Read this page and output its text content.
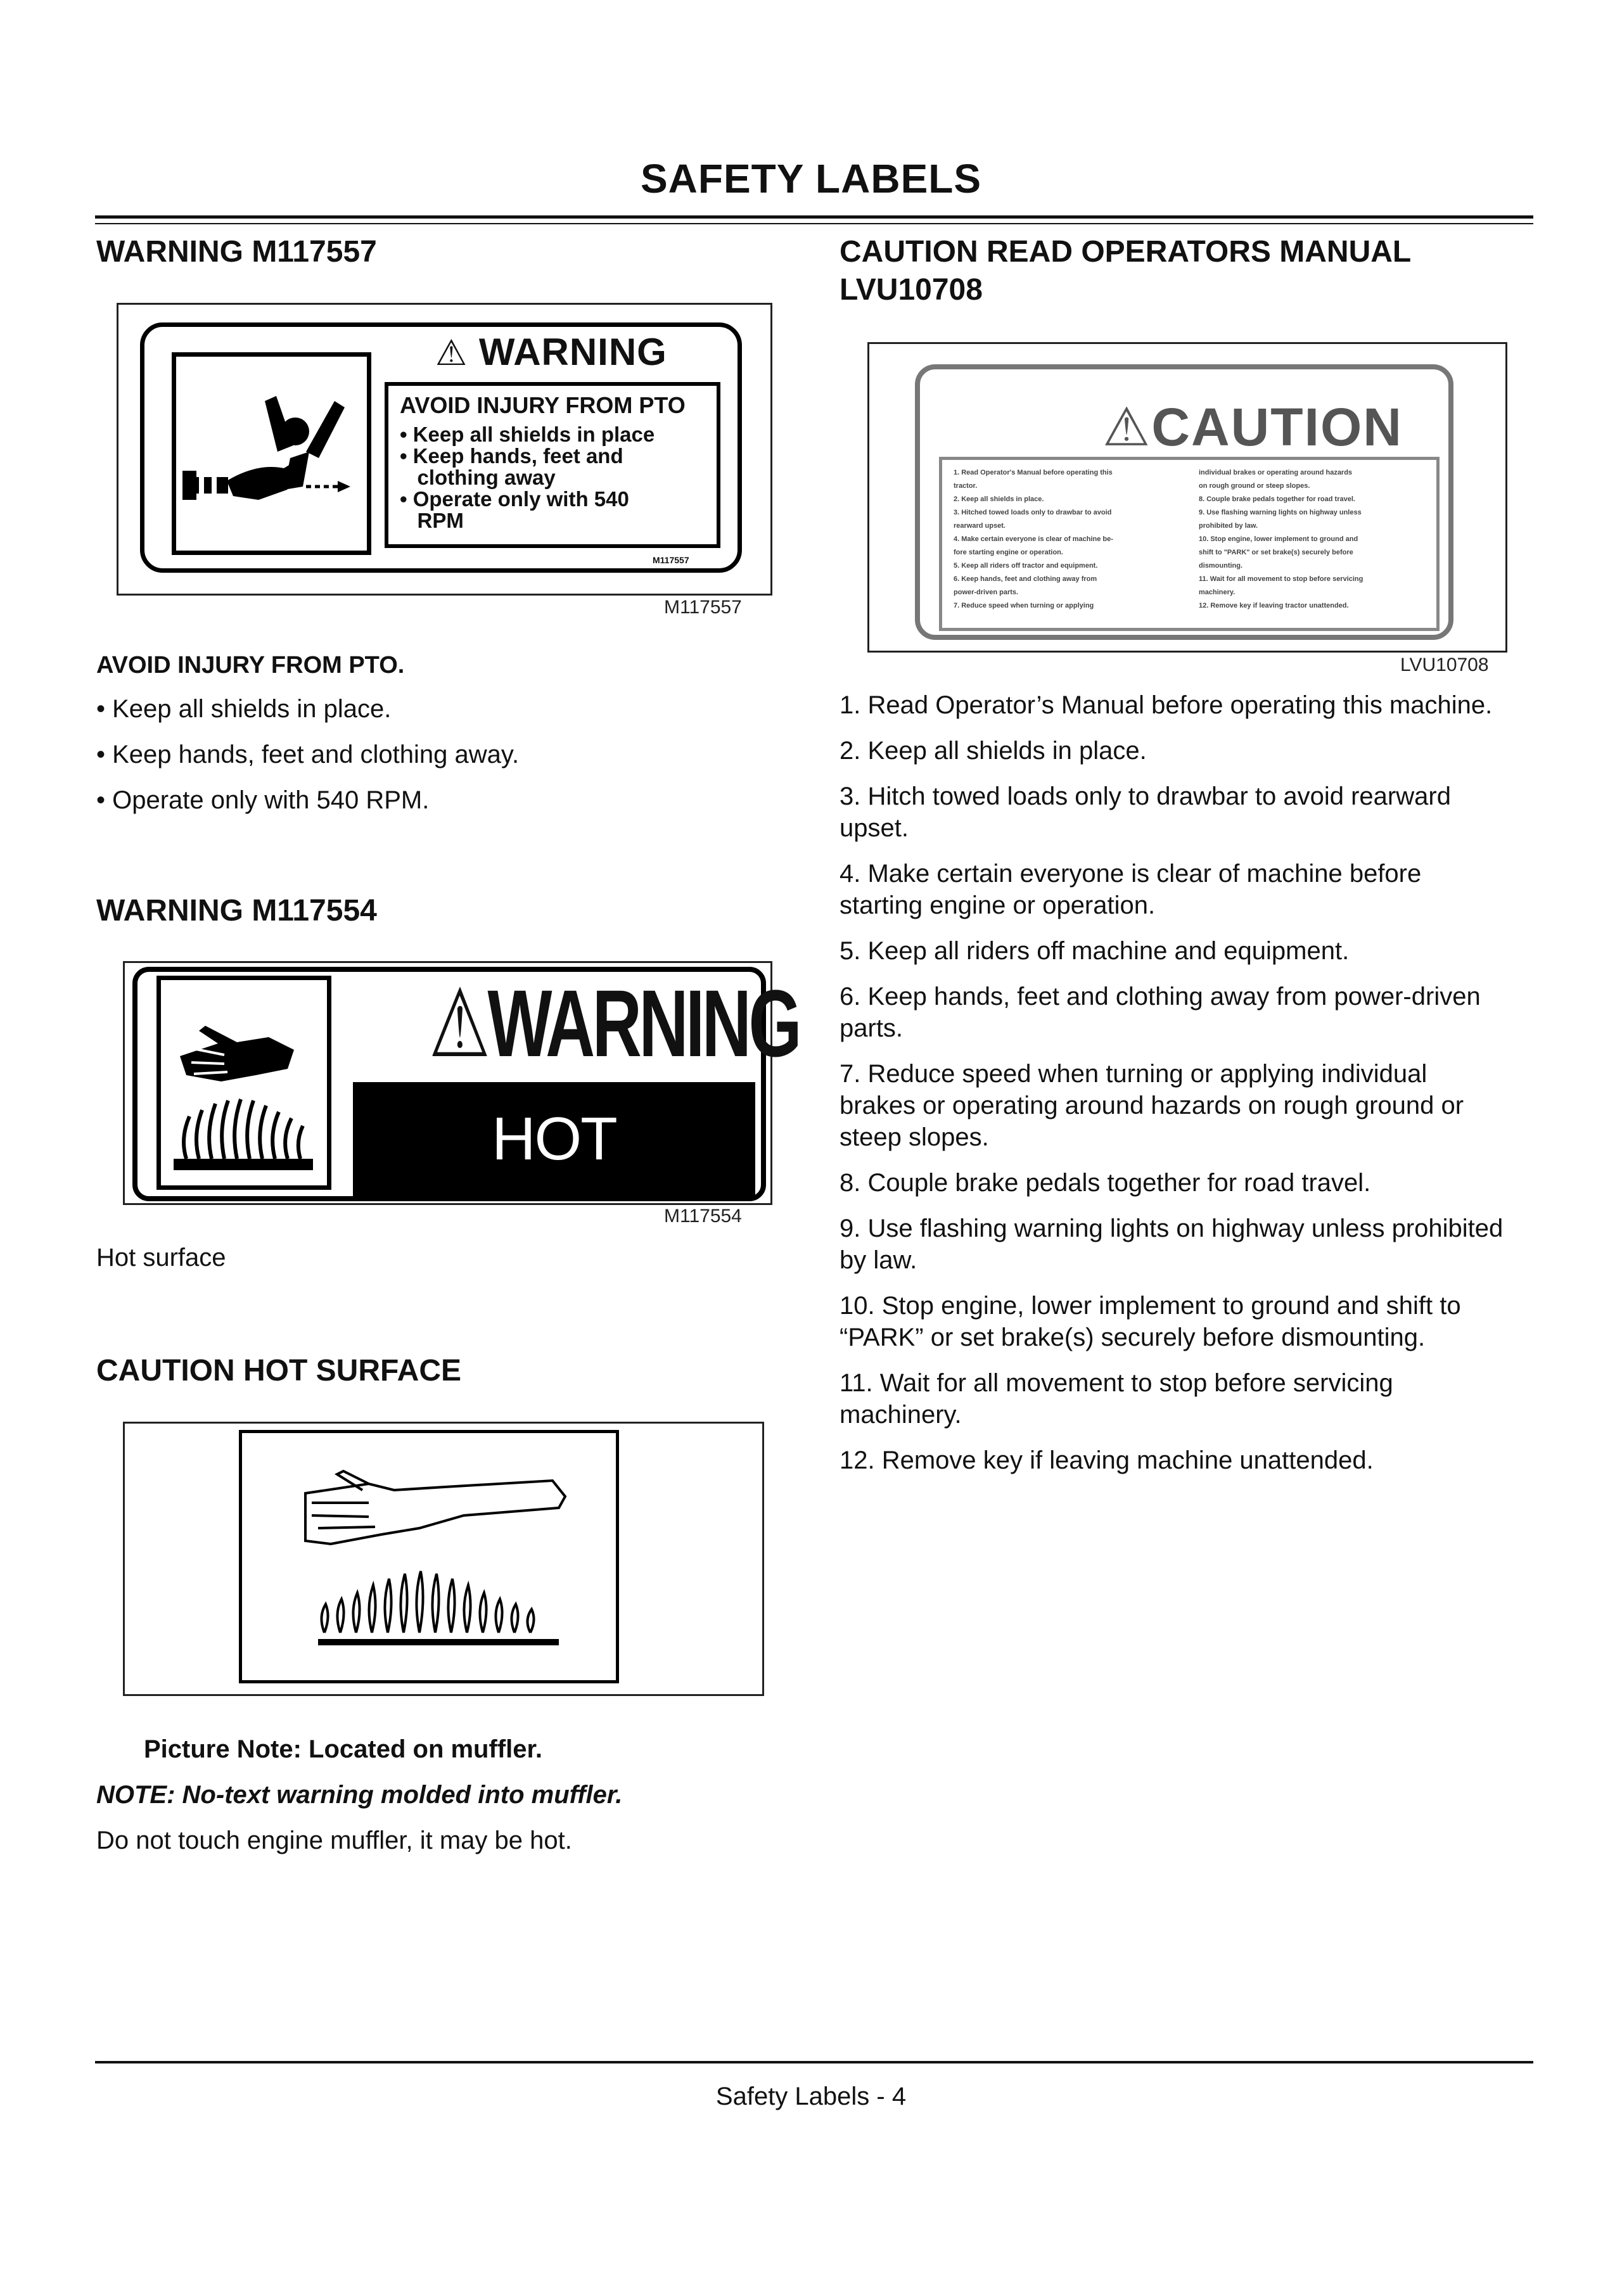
SAFETY LABELS
WARNING M117557
⚠ WARNING
AVOID INJURY FROM PTO
• Keep all shields in place
• Keep hands, feet and
clothing away
• Operate only with 540
RPM
M117557
M117557

AVOID INJURY FROM PTO.

• Keep all shields in place.

• Keep hands, feet and clothing away.

• Operate only with 540 RPM.

WARNING M117554
⚠WARNING
HOT SURFACE
M117554

Hot surface

CAUTION HOT SURFACE

Picture Note: Located on muffler.

NOTE: No-text warning molded into muffler.

Do not touch engine muffler, it may be hot.

CAUTION READ OPERATORS MANUAL
LVU10708
⚠CAUTION
1. Read Operator's Manual before operating this
tractor.
2. Keep all shields in place.
3. Hitched towed loads only to drawbar to avoid
rearward upset.
4. Make certain everyone is clear of machine be-
fore starting engine or operation.
5. Keep all riders off tractor and equipment.
6. Keep hands, feet and clothing away from
power-driven parts.
7. Reduce speed when turning or applying
individual brakes or operating around hazards
on rough ground or steep slopes.
8. Couple brake pedals together for road travel.
9. Use flashing warning lights on highway unless
prohibited by law.
10. Stop engine, lower implement to ground and
shift to "PARK" or set brake(s) securely before
dismounting.
11. Wait for all movement to stop before servicing
machinery.
12. Remove key if leaving tractor unattended.
LVU10708
1. Read Operator’s Manual before operating this machine.
2. Keep all shields in place.
3. Hitch towed loads only to drawbar to avoid rearward
upset.
4. Make certain everyone is clear of machine before
starting engine or operation.
5. Keep all riders off machine and equipment.
6. Keep hands, feet and clothing away from power-driven
parts.
7. Reduce speed when turning or applying individual
brakes or operating around hazards on rough ground or
steep slopes.
8. Couple brake pedals together for road travel.
9. Use flashing warning lights on highway unless prohibited
by law.
10. Stop engine, lower implement to ground and shift to
“PARK” or set brake(s) securely before dismounting.
11. Wait for all movement to stop before servicing
machinery.
12. Remove key if leaving machine unattended.
Safety Labels - 4
